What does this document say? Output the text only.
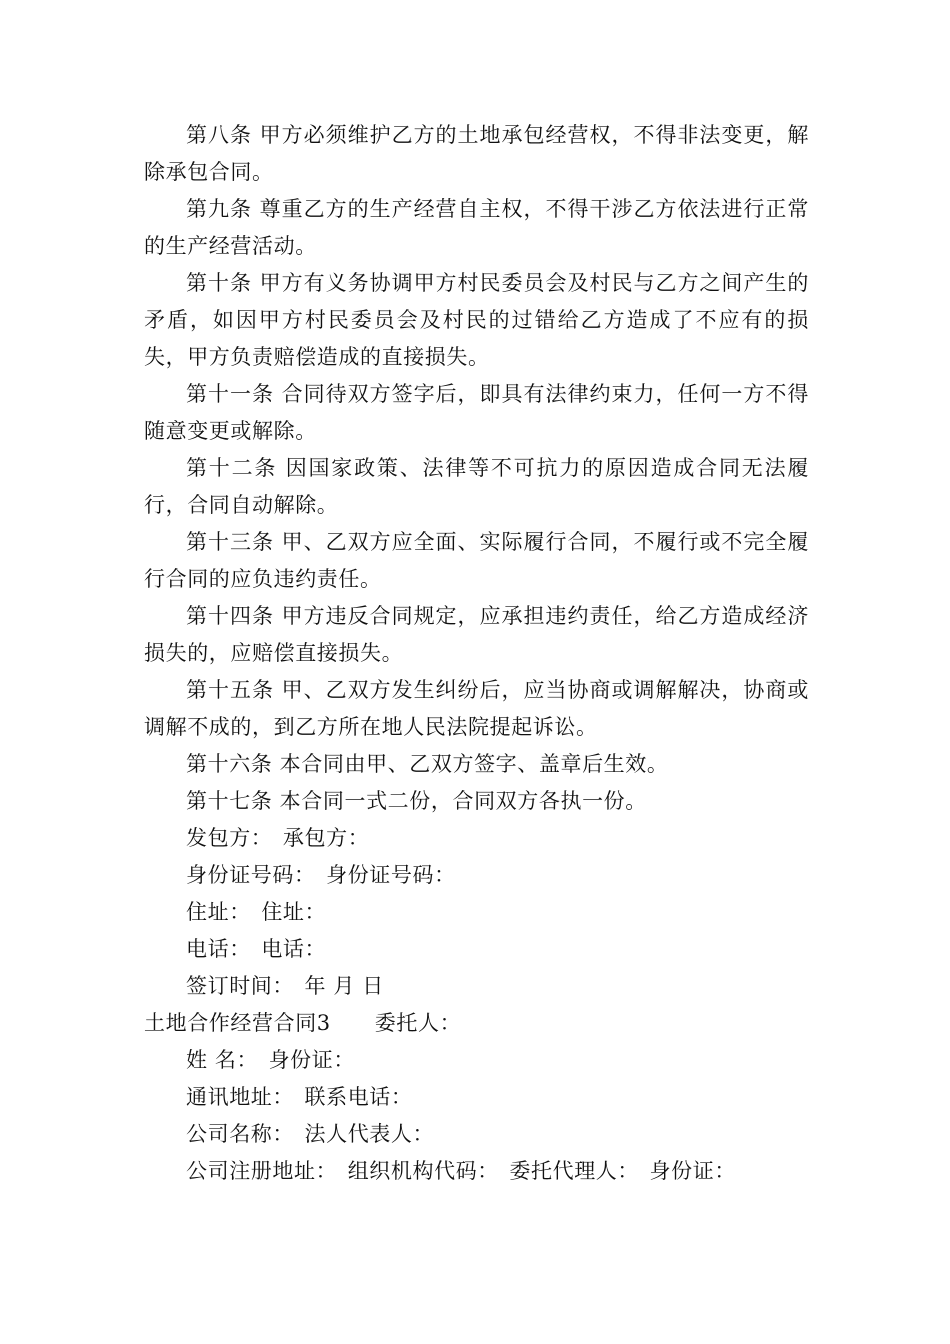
第八条 甲方必须维护乙方的土地承包经营权，不得非法变更，解除承包合同。

第九条 尊重乙方的生产经营自主权，不得干涉乙方依法进行正常的生产经营活动。

第十条 甲方有义务协调甲方村民委员会及村民与乙方之间产生的矛盾，如因甲方村民委员会及村民的过错给乙方造成了不应有的损失，甲方负责赔偿造成的直接损失。

第十一条 合同待双方签字后，即具有法律约束力，任何一方不得随意变更或解除。

第十二条 因国家政策、法律等不可抗力的原因造成合同无法履行，合同自动解除。

第十三条 甲、乙双方应全面、实际履行合同，不履行或不完全履行合同的应负违约责任。

第十四条 甲方违反合同规定，应承担违约责任，给乙方造成经济损失的，应赔偿直接损失。

第十五条 甲、乙双方发生纠纷后，应当协商或调解解决，协商或调解不成的，到乙方所在地人民法院提起诉讼。

第十六条 本合同由甲、乙双方签字、盖章后生效。

第十七条 本合同一式二份，合同双方各执一份。

发包方： 承包方：

身份证号码： 身份证号码：

住址： 住址：

电话： 电话：

签订时间： 年 月 日

土地合作经营合同3 委托人：

姓 名： 身份证：

通讯地址： 联系电话：

公司名称： 法人代表人：

公司注册地址： 组织机构代码： 委托代理人： 身份证：
